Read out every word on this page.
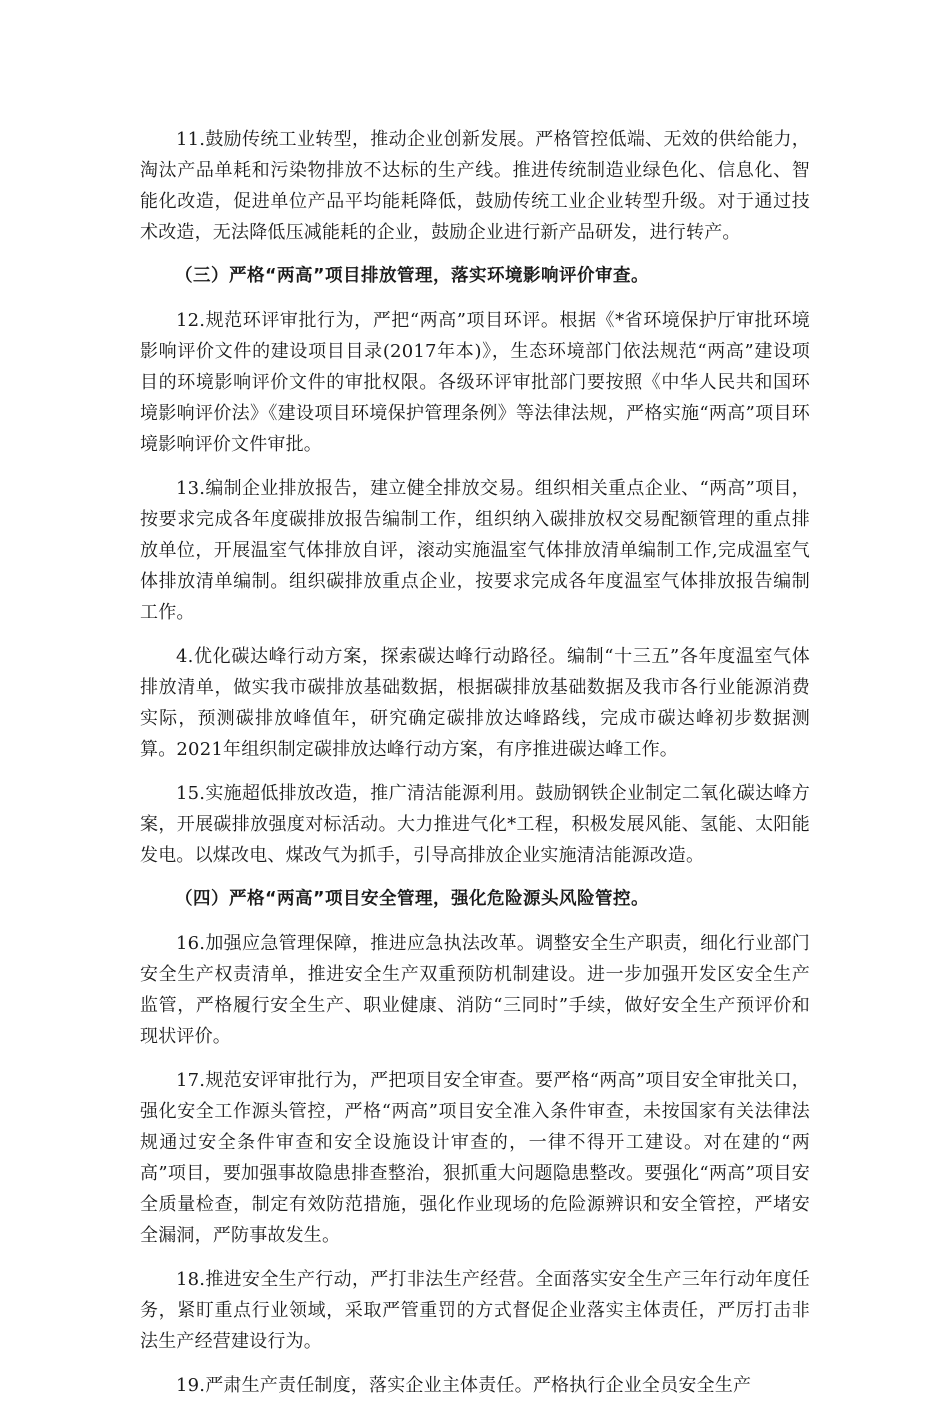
11.鼓励传统工业转型，推动企业创新发展。严格管控低端、无效的供给能力，淘汰产品单耗和污染物排放不达标的生产线。推进传统制造业绿色化、信息化、智能化改造，促进单位产品平均能耗降低，鼓励传统工业企业转型升级。对于通过技术改造，无法降低压减能耗的企业，鼓励企业进行新产品研发，进行转产。

（三）严格“两高”项目排放管理，落实环境影响评价审查。

12.规范环评审批行为，严把“两高”项目环评。根据《*省环境保护厅审批环境影响评价文件的建设项目目录(2017年本)》，生态环境部门依法规范“两高”建设项目的环境影响评价文件的审批权限。各级环评审批部门要按照《中华人民共和国环境影响评价法》《建设项目环境保护管理条例》等法律法规，严格实施“两高”项目环境影响评价文件审批。

13.编制企业排放报告，建立健全排放交易。组织相关重点企业、“两高”项目，按要求完成各年度碳排放报告编制工作，组织纳入碳排放权交易配额管理的重点排放单位，开展温室气体排放自评，滚动实施温室气体排放清单编制工作,完成温室气体排放清单编制。组织碳排放重点企业，按要求完成各年度温室气体排放报告编制工作。

4.优化碳达峰行动方案，探索碳达峰行动路径。编制“十三五”各年度温室气体排放清单，做实我市碳排放基础数据，根据碳排放基础数据及我市各行业能源消费实际，预测碳排放峰值年，研究确定碳排放达峰路线，完成市碳达峰初步数据测算。2021年组织制定碳排放达峰行动方案，有序推进碳达峰工作。

15.实施超低排放改造，推广清洁能源利用。鼓励钢铁企业制定二氧化碳达峰方案，开展碳排放强度对标活动。大力推进气化*工程，积极发展风能、氢能、太阳能发电。以煤改电、煤改气为抓手，引导高排放企业实施清洁能源改造。

（四）严格“两高”项目安全管理，强化危险源头风险管控。

16.加强应急管理保障，推进应急执法改革。调整安全生产职责，细化行业部门安全生产权责清单，推进安全生产双重预防机制建设。进一步加强开发区安全生产监管，严格履行安全生产、职业健康、消防“三同时”手续，做好安全生产预评价和现状评价。

17.规范安评审批行为，严把项目安全审查。要严格“两高”项目安全审批关口，强化安全工作源头管控，严格“两高”项目安全准入条件审查，未按国家有关法律法规通过安全条件审查和安全设施设计审查的，一律不得开工建设。对在建的“两高”项目，要加强事故隐患排查整治，狠抓重大问题隐患整改。要强化“两高”项目安全质量检查，制定有效防范措施，强化作业现场的危险源辨识和安全管控，严堵安全漏洞，严防事故发生。

18.推进安全生产行动，严打非法生产经营。全面落实安全生产三年行动年度任务，紧盯重点行业领域，采取严管重罚的方式督促企业落实主体责任，严厉打击非法生产经营建设行为。

19.严肃生产责任制度，落实企业主体责任。严格执行企业全员安全生产
